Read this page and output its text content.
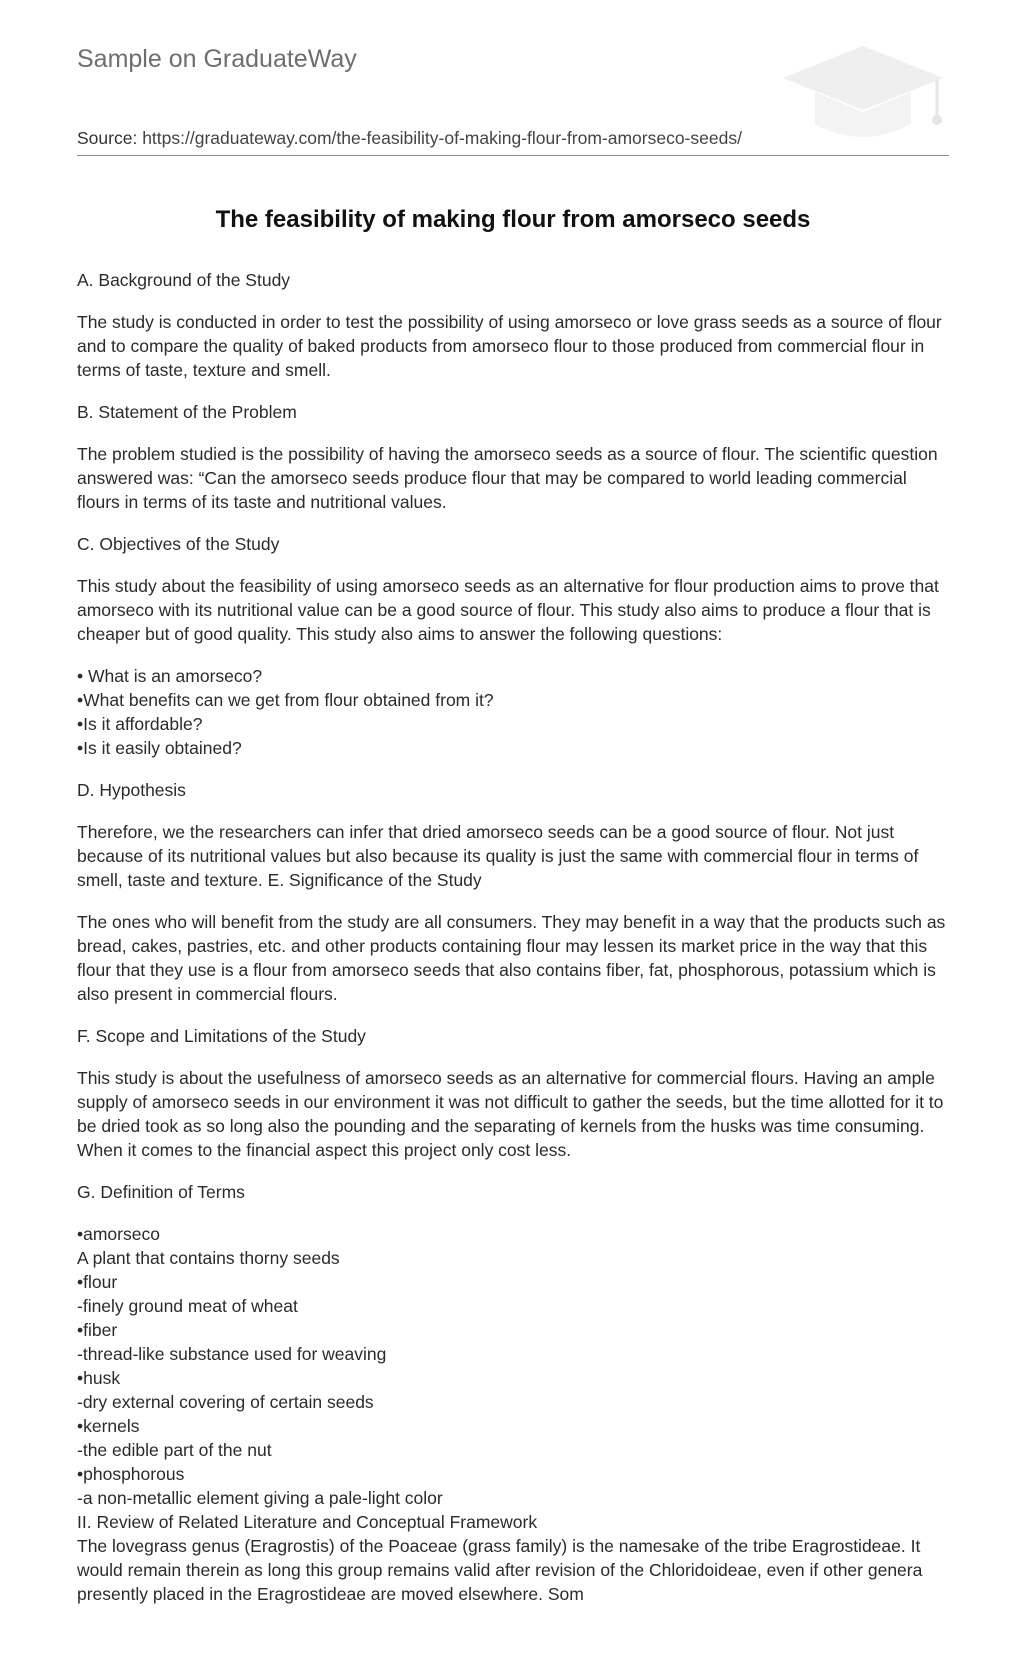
Sample on GraduateWay
Source: https://graduateway.com/the-feasibility-of-making-flour-from-amorseco-seeds/
The feasibility of making flour from amorseco seeds

A. Background of the Study

The study is conducted in order to test the possibility of using amorseco or love grass seeds as a source of flour and to compare the quality of baked products from amorseco flour to those produced from commercial flour in terms of taste, texture and smell.

B. Statement of the Problem

The problem studied is the possibility of having the amorseco seeds as a source of flour. The scientific question answered was: “Can the amorseco seeds produce flour that may be compared to world leading commercial flours in terms of its taste and nutritional values.

C. Objectives of the Study

This study about the feasibility of using amorseco seeds as an alternative for flour production aims to prove that amorseco with its nutritional value can be a good source of flour. This study also aims to produce a flour that is cheaper but of good quality. This study also aims to answer the following questions:

• What is an amorseco?
•What benefits can we get from flour obtained from it?
•Is it affordable?
•Is it easily obtained?

D. Hypothesis

Therefore, we the researchers can infer that dried amorseco seeds can be a good source of flour. Not just because of its nutritional values but also because its quality is just the same with commercial flour in terms of smell, taste and texture. E. Significance of the Study

The ones who will benefit from the study are all consumers. They may benefit in a way that the products such as bread, cakes, pastries, etc. and other products containing flour may lessen its market price in the way that this flour that they use is a flour from amorseco seeds that also contains fiber, fat, phosphorous, potassium which is also present in commercial flours.

F. Scope and Limitations of the Study

This study is about the usefulness of amorseco seeds as an alternative for commercial flours. Having an ample supply of amorseco seeds in our environment it was not difficult to gather the seeds, but the time allotted for it to be dried took as so long also the pounding and the separating of kernels from the husks was time consuming. When it comes to the financial aspect this project only cost less.

G. Definition of Terms

•amorseco
A plant that contains thorny seeds
•flour
-finely ground meat of wheat
•fiber
-thread-like substance used for weaving
•husk
-dry external covering of certain seeds
•kernels
-the edible part of the nut
•phosphorous
-a non-metallic element giving a pale-light color
II. Review of Related Literature and Conceptual Framework
The lovegrass genus (Eragrostis) of the Poaceae (grass family) is the namesake of the tribe Eragrostideae. It would remain therein as long this group remains valid after revision of the Chloridoideae, even if other genera presently placed in the Eragrostideae are moved elsewhere. Som
